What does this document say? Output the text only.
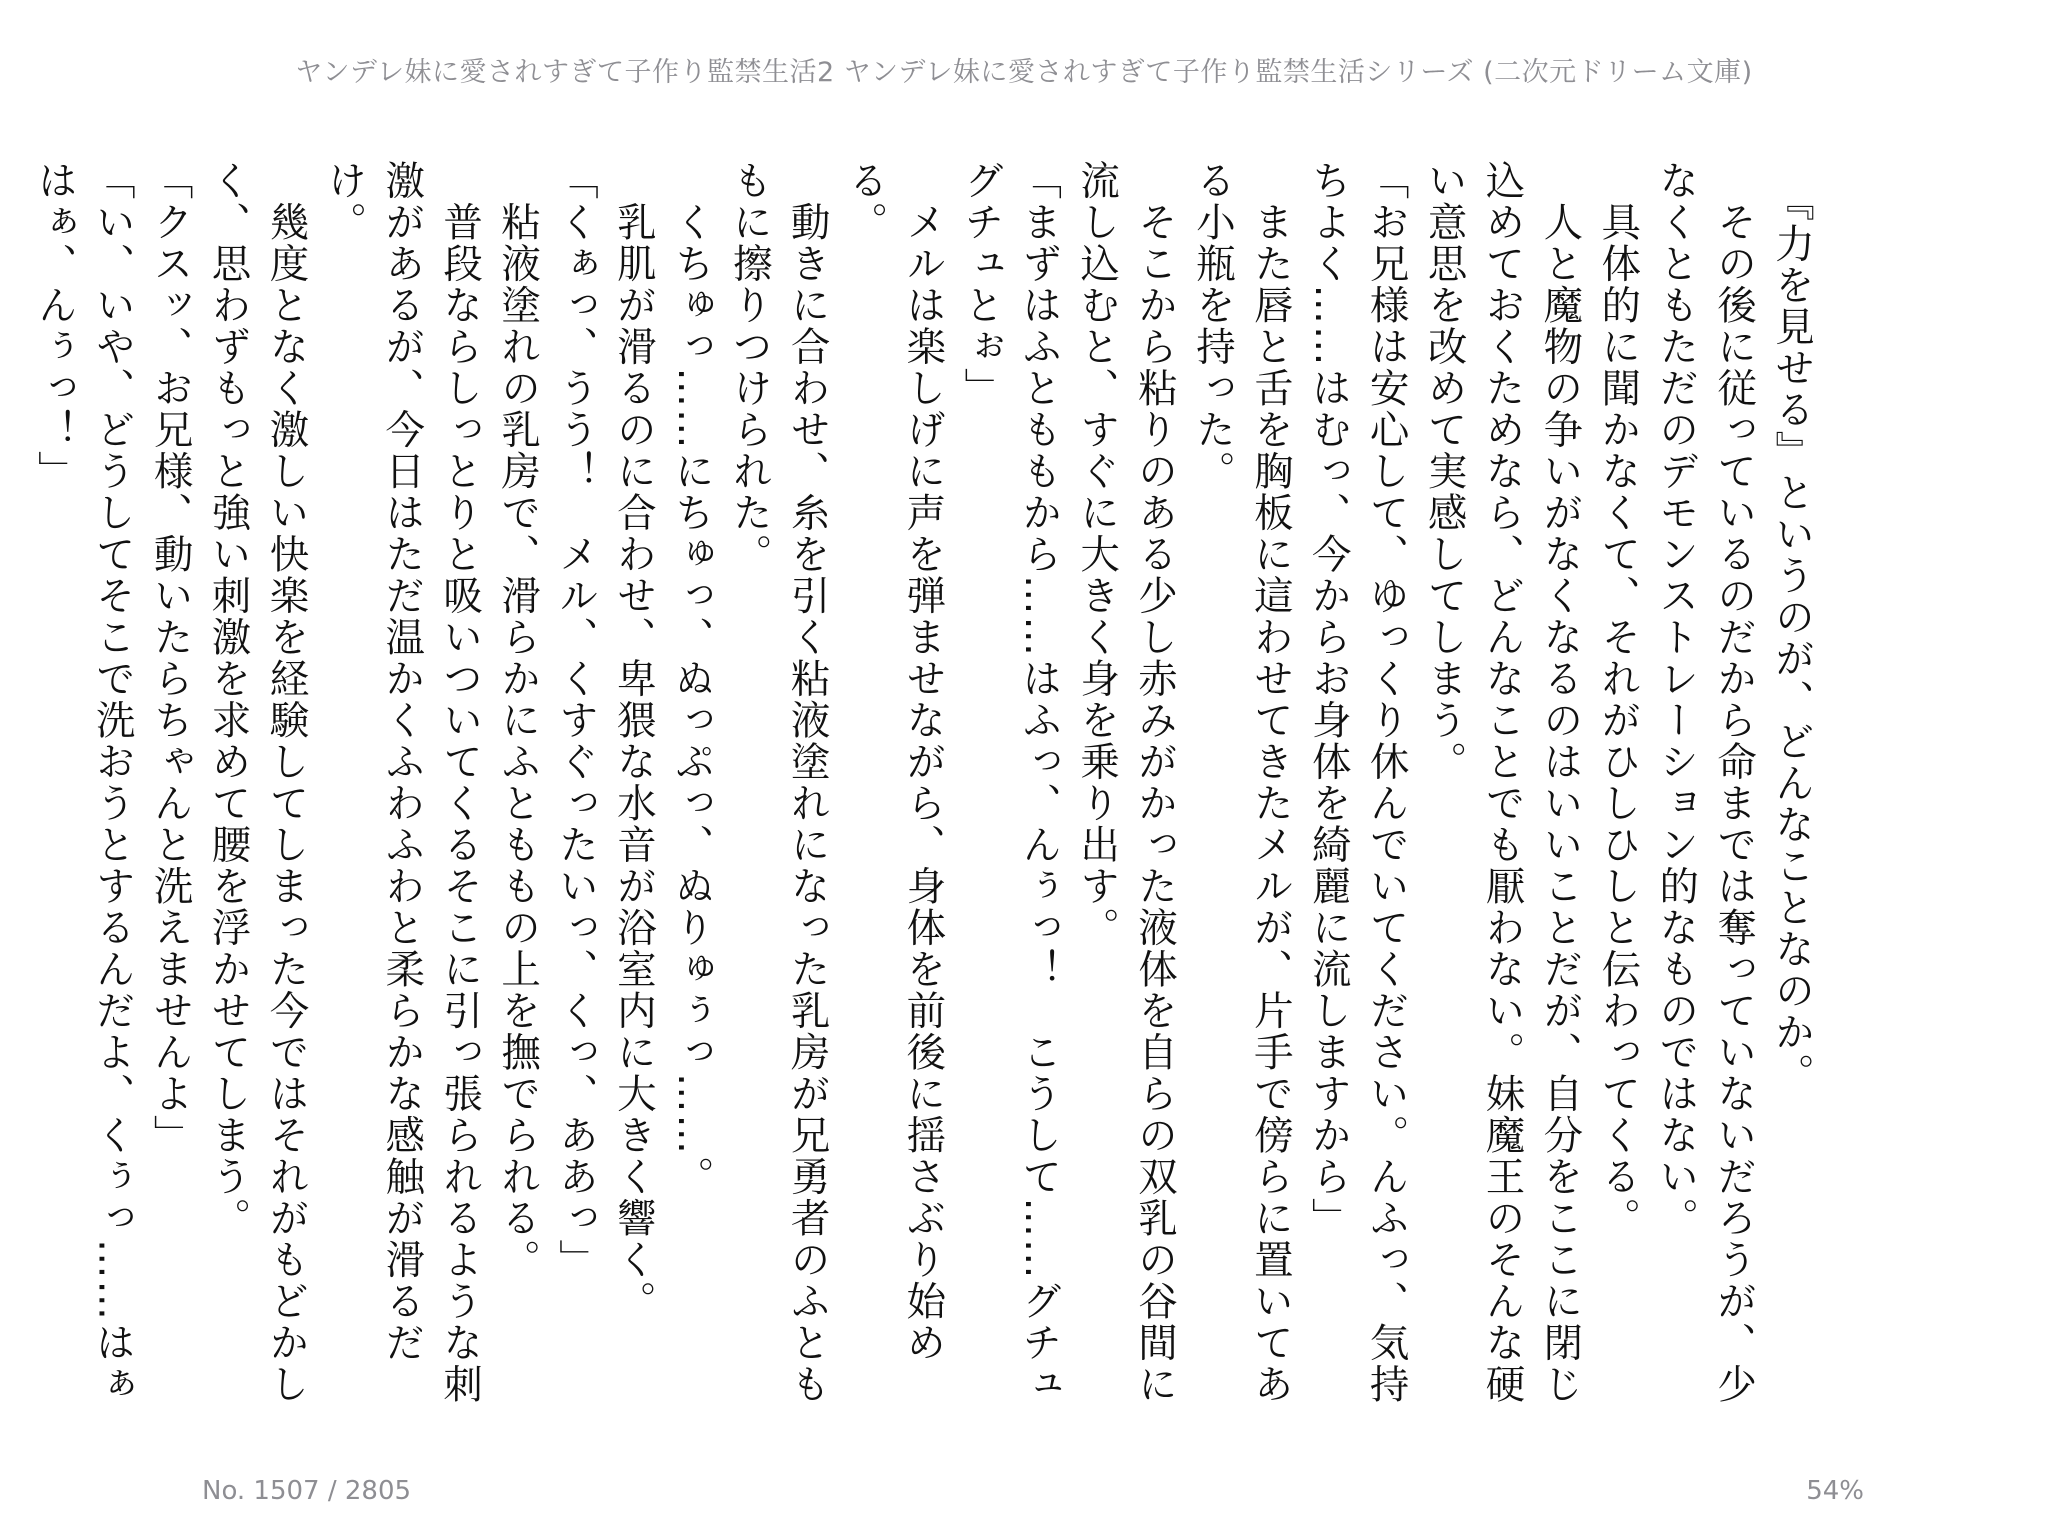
ヤンデレ妹に愛されすぎて子作り監禁生活2 ヤンデレ妹に愛されすぎて子作り監禁生活シリーズ (二次元ドリーム文庫)

　『力を見せる』というのが、どんなことなのか。

　その後に従っているのだから命までは奪っていないだろうが、少なくともただのデモンストレーション的なものではない。

　具体的に聞かなくて、それがひしひしと伝わってくる。

　人と魔物の争いがなくなるのはいいことだが、自分をここに閉じ込めておくためなら、どんなことでも厭わない。妹魔王のそんな硬い意思を改めて実感してしまう。

「お兄様は安心して、ゆっくり休んでいてください。んふっ、気持ちよく……はむっ、今からお身体を綺麗に流しますから」

　また唇と舌を胸板に這わせてきたメルが、片手で傍らに置いてある小瓶を持った。

　そこから粘りのある少し赤みがかった液体を自らの双乳の谷間に流し込むと、すぐに大きく身を乗り出す。

「まずはふとももから……はふっ、んぅっ！　こうして……グチュグチュとぉ」

　メルは楽しげに声を弾ませながら、身体を前後に揺さぶり始める。

　動きに合わせ、糸を引く粘液塗れになった乳房が兄勇者のふとももに擦りつけられた。

　くちゅっ……にちゅっ、ぬっぷっ、ぬりゅぅっ……。

　乳肌が滑るのに合わせ、卑猥な水音が浴室内に大きく響く。

「くぁっ、うう！　メル、くすぐったいっ、くっ、ああっ」

　粘液塗れの乳房で、滑らかにふとももの上を撫でられる。

　普段ならしっとりと吸いついてくるそこに引っ張られるような刺激があるが、今日はただ温かくふわふわと柔らかな感触が滑るだけ。

　幾度となく激しい快楽を経験してしまった今ではそれがもどかしく、思わずもっと強い刺激を求めて腰を浮かせてしまう。

「クスッ、お兄様、動いたらちゃんと洗えませんよ」

「い、いや、どうしてそこで洗おうとするんだよ、くぅっ……はぁはぁ、んぅっ！」

No. 1507 / 2805	54%
